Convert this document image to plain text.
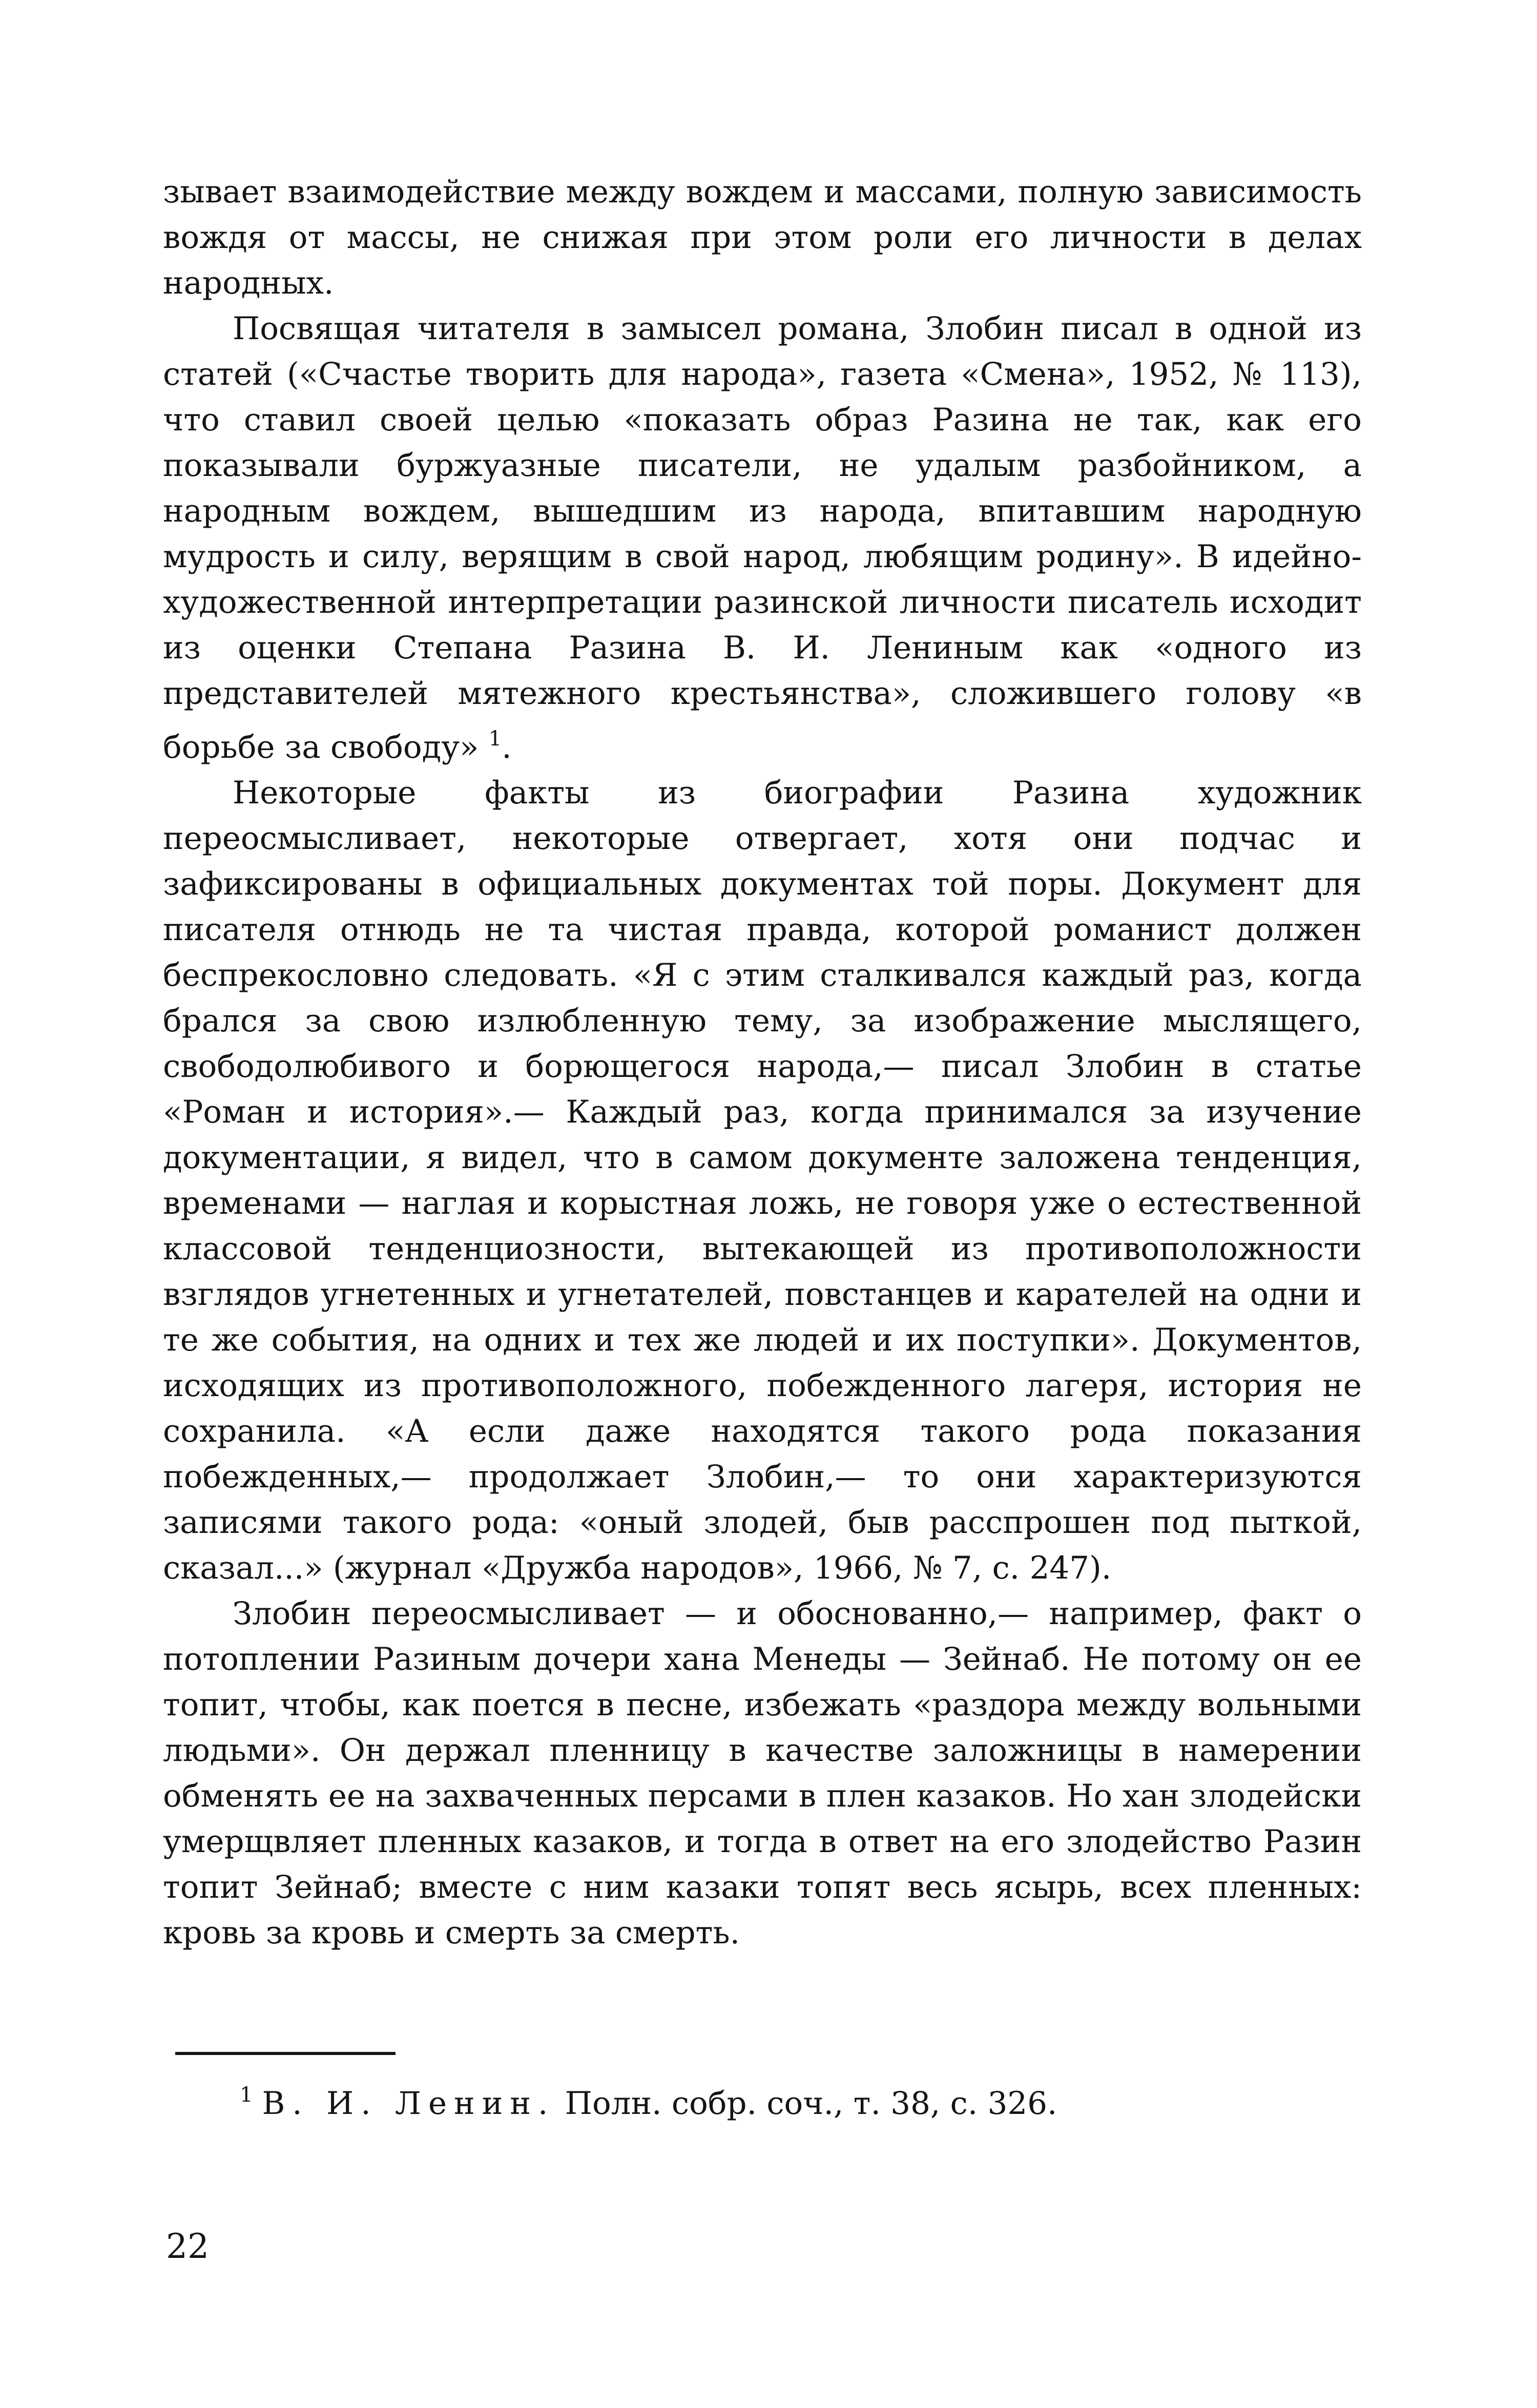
зывает взаимодействие между вождем и массами, полную зависимость вождя от массы, не снижая при этом роли его личности в делах народных.

Посвящая читателя в замысел романа, Злобин писал в одной из статей («Счастье творить для народа», газета «Смена», 1952, № 113), что ставил своей целью «показать образ Разина не так, как его показывали буржуазные писатели, не удалым разбойником, а народным вождем, вышедшим из народа, впитавшим народную мудрость и силу, верящим в свой народ, любящим родину». В идейно-художественной интерпретации разинской личности писатель исходит из оценки Степана Разина В. И. Лениным как «одного из представителей мятежного крестьянства», сложившего голову «в борьбе за свободу» $^1$.

Некоторые факты из биографии Разина художник переосмысливает, некоторые отвергает, хотя они подчас и зафиксированы в официальных документах той поры. Документ для писателя отнюдь не та чистая правда, которой романист должен беспрекословно следовать. «Я с этим сталкивался каждый раз, когда брался за свою излюбленную тему, за изображение мыслящего, свободолюбивого и борющегося народа,— писал Злобин в статье «Роман и история».— Каждый раз, когда принимался за изучение документации, я видел, что в самом документе заложена тенденция, временами — наглая и корыстная ложь, не говоря уже о естественной классовой тенденциозности, вытекающей из противоположности взглядов угнетенных и угнетателей, повстанцев и карателей на одни и те же события, на одних и тех же людей и их поступки». Документов, исходящих из противоположного, побежденного лагеря, история не сохранила. «А если даже находятся такого рода показания побежденных,— продолжает Злобин,— то они характеризуются записями такого рода: «оный злодей, быв расспрошен под пыткой, сказал...» (журнал «Дружба народов», 1966, № 7, с. 247).

Злобин переосмысливает — и обоснованно,— например, факт о потоплении Разиным дочери хана Менеды — Зейнаб. Не потому он ее топит, чтобы, как поется в песне, избежать «раздора между вольными людьми». Он держал пленницу в качестве заложницы в намерении обменять ее на захваченных персами в плен казаков. Но хан злодейски умерщвляет пленных казаков, и тогда в ответ на его злодейство Разин топит Зейнаб; вместе с ним казаки топят весь ясырь, всех пленных: кровь за кровь и смерть за смерть.

$^1$ В. И. Ленин. Полн. собр. соч., т. 38, с. 326.

22
